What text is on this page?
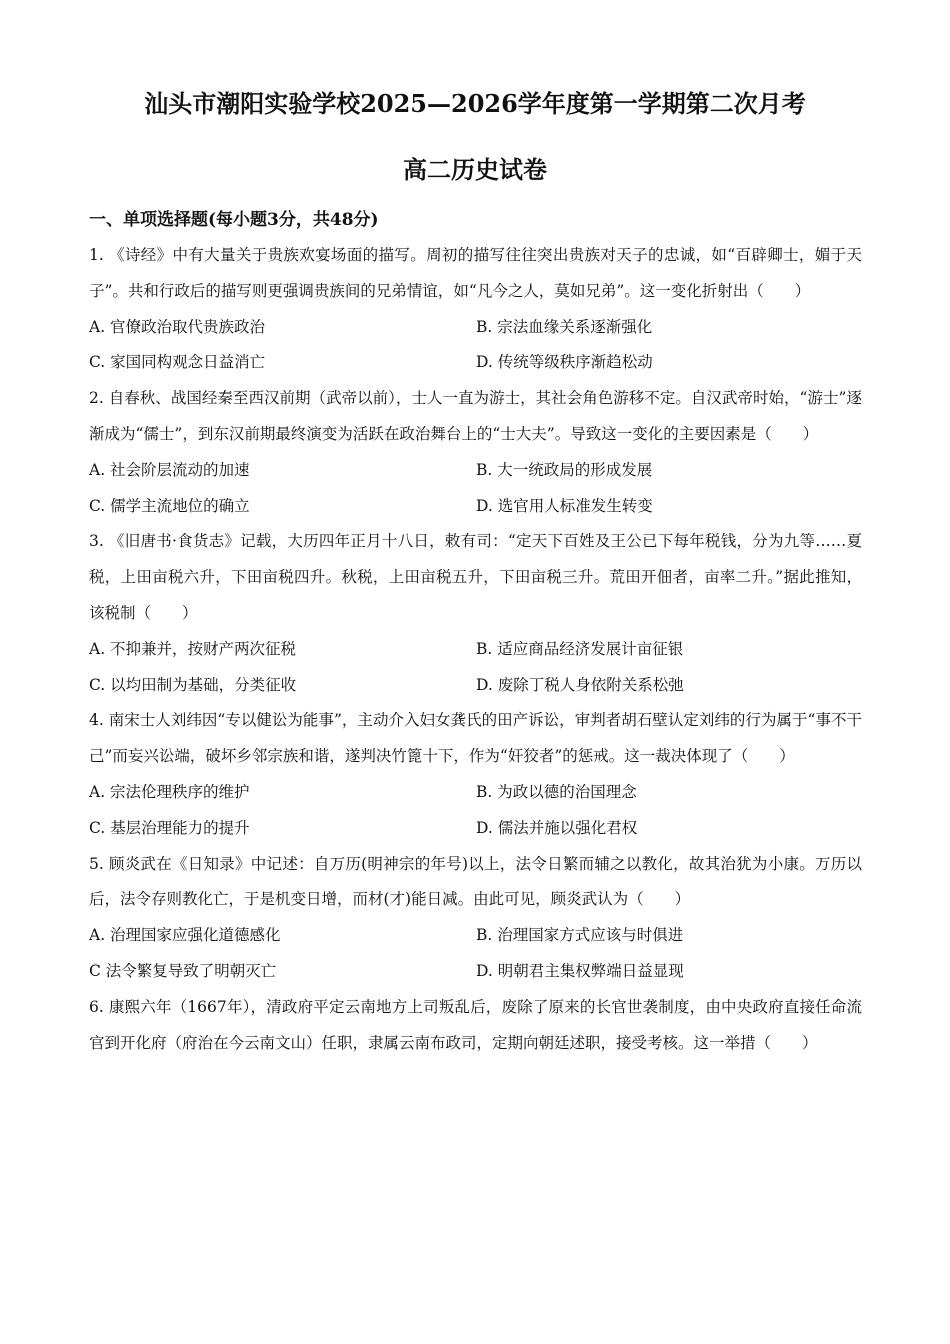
汕头市潮阳实验学校2025—2026学年度第一学期第二次月考
高二历史试卷
一、单项选择题(每小题3分，共48分)

1. 《诗经》中有大量关于贵族欢宴场面的描写。周初的描写往往突出贵族对天子的忠诚，如“百辟卿士，媚于天子”。共和行政后的描写则更强调贵族间的兄弟情谊，如“凡今之人，莫如兄弟”。这一变化折射出（　　）

A. 官僚政治取代贵族政治	B. 宗法血缘关系逐渐强化
C. 家国同构观念日益消亡	D. 传统等级秩序渐趋松动

2. 自春秋、战国经秦至西汉前期（武帝以前），士人一直为游士，其社会角色游移不定。自汉武帝时始，“游士”逐渐成为“儒士”，到东汉前期最终演变为活跃在政治舞台上的“士大夫”。导致这一变化的主要因素是（　　）

A. 社会阶层流动的加速	B. 大一统政局的形成发展
C. 儒学主流地位的确立	D. 选官用人标准发生转变

3. 《旧唐书·食货志》记载，大历四年正月十八日，敕有司：“定天下百姓及王公已下每年税钱，分为九等……夏税，上田亩税六升，下田亩税四升。秋税，上田亩税五升，下田亩税三升。荒田开佃者，亩率二升。”据此推知，该税制（　　）

A. 不抑兼并，按财产两次征税	B. 适应商品经济发展计亩征银
C. 以均田制为基础，分类征收	D. 废除丁税人身依附关系松弛

4. 南宋士人刘纬因“专以健讼为能事”，主动介入妇女龚氏的田产诉讼，审判者胡石壁认定刘纬的行为属于“事不干己”而妄兴讼端，破坏乡邻宗族和谐，遂判决竹篦十下，作为“奸狡者”的惩戒。这一裁决体现了（　　）

A. 宗法伦理秩序的维护	B. 为政以德的治国理念
C. 基层治理能力的提升	D. 儒法并施以强化君权

5. 顾炎武在《日知录》中记述：自万历(明神宗的年号)以上，法令日繁而辅之以教化，故其治犹为小康。万历以后，法令存则教化亡，于是机变日增，而材(才)能日减。由此可见，顾炎武认为（　　）

A. 治理国家应强化道德感化	B. 治理国家方式应该与时俱进
C 法令繁复导致了明朝灭亡	D. 明朝君主集权弊端日益显现

6. 康熙六年（1667年），清政府平定云南地方上司叛乱后，废除了原来的长官世袭制度，由中央政府直接任命流官到开化府（府治在今云南文山）任职，隶属云南布政司，定期向朝廷述职，接受考核。这一举措（　　）
